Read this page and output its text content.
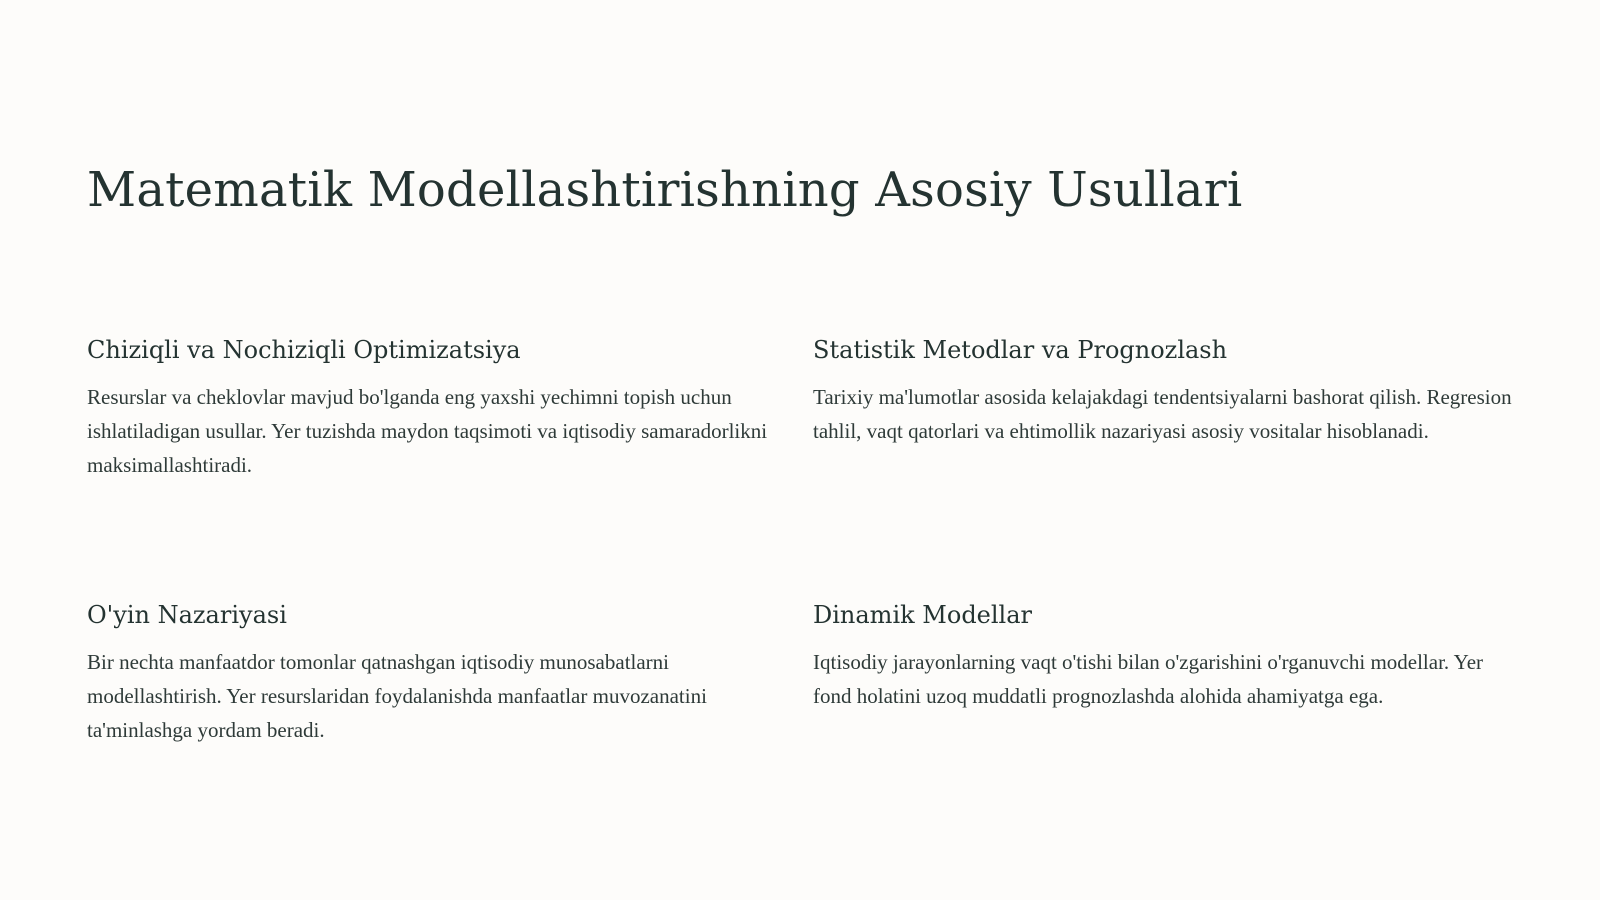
Matematik Modellashtirishning Asosiy Usullari
Chiziqli va Nochiziqli Optimizatsiya

Resurslar va cheklovlar mavjud bo'lganda eng yaxshi yechimni topish uchun ishlatiladigan usullar. Yer tuzishda maydon taqsimoti va iqtisodiy samaradorlikni maksimallashtiradi.

Statistik Metodlar va Prognozlash

Tarixiy ma'lumotlar asosida kelajakdagi tendentsiyalarni bashorat qilish. Regresion tahlil, vaqt qatorlari va ehtimollik nazariyasi asosiy vositalar hisoblanadi.

O'yin Nazariyasi

Bir nechta manfaatdor tomonlar qatnashgan iqtisodiy munosabatlarni modellashtirish. Yer resurslaridan foydalanishda manfaatlar muvozanatini ta'minlashga yordam beradi.

Dinamik Modellar

Iqtisodiy jarayonlarning vaqt o'tishi bilan o'zgarishini o'rganuvchi modellar. Yer fond holatini uzoq muddatli prognozlashda alohida ahamiyatga ega.
